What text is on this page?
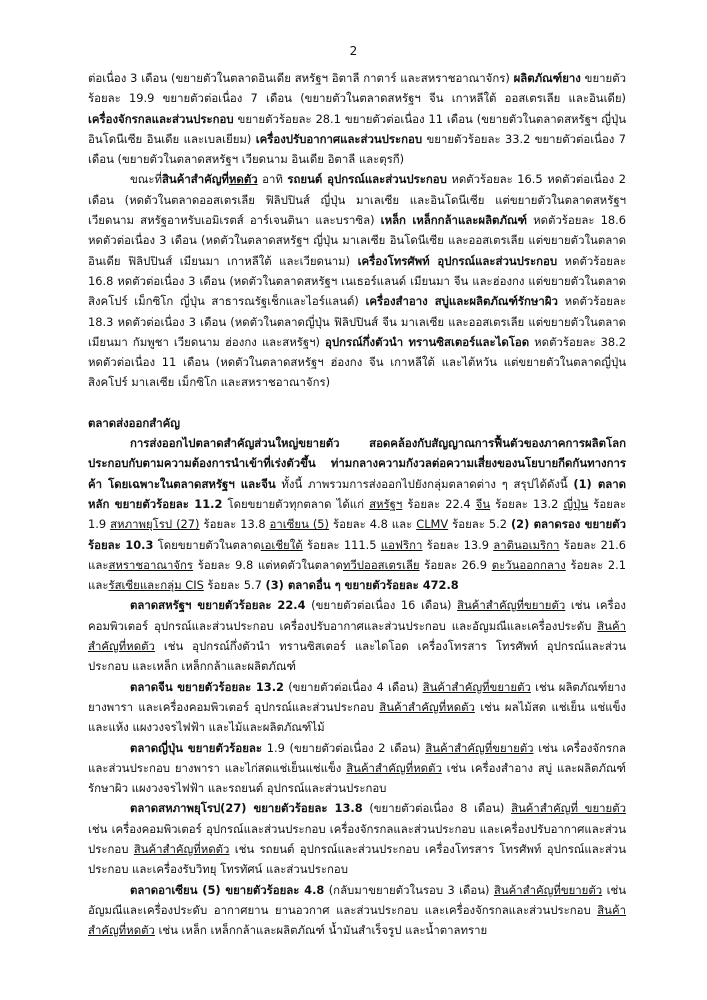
2

ต่อเนื่อง 3 เดือน (ขยายตัวในตลาดอินเดีย สหรัฐฯ อิตาลี กาตาร์ และสหราชอาณาจักร) ผลิตภัณฑ์ยาง ขยายตัวร้อยละ 19.9 ขยายตัวต่อเนื่อง 7 เดือน (ขยายตัวในตลาดสหรัฐฯ จีน เกาหลีใต้ ออสเตรเลีย และอินเดีย) เครื่องจักรกลและส่วนประกอบ ขยายตัวร้อยละ 28.1 ขยายตัวต่อเนื่อง 11 เดือน (ขยายตัวในตลาดสหรัฐฯ ญี่ปุ่น อินโดนีเซีย อินเดีย และเบลเยียม) เครื่องปรับอากาศและส่วนประกอบ ขยายตัวร้อยละ 33.2 ขยายตัวต่อเนื่อง 7 เดือน (ขยายตัวในตลาดสหรัฐฯ เวียดนาม อินเดีย อิตาลี และตุรกี)

ขณะที่สินค้าสำคัญที่หดตัว อาทิ รถยนต์ อุปกรณ์และส่วนประกอบ หดตัวร้อยละ 16.5 หดตัวต่อเนื่อง 2 เดือน (หดตัวในตลาดออสเตรเลีย ฟิลิปปินส์ ญี่ปุ่น มาเลเซีย และอินโดนีเซีย แต่ขยายตัวในตลาดสหรัฐฯ เวียดนาม สหรัฐอาหรับเอมิเรตส์ อาร์เจนตินา และบราซิล) เหล็ก เหล็กกล้าและผลิตภัณฑ์ หดตัวร้อยละ 18.6 หดตัวต่อเนื่อง 3 เดือน (หดตัวในตลาดสหรัฐฯ ญี่ปุ่น มาเลเซีย อินโดนีเซีย และออสเตรเลีย แต่ขยายตัวในตลาดอินเดีย ฟิลิปปินส์ เมียนมา เกาหลีใต้ และเวียดนาม) เครื่องโทรศัพท์ อุปกรณ์และส่วนประกอบ หดตัวร้อยละ 16.8 หดตัวต่อเนื่อง 3 เดือน (หดตัวในตลาดสหรัฐฯ เนเธอร์แลนด์ เมียนมา จีน และฮ่องกง แต่ขยายตัวในตลาดสิงคโปร์ เม็กซิโก ญี่ปุ่น สาธารณรัฐเช็กและไอร์แลนด์) เครื่องสำอาง สบู่และผลิตภัณฑ์รักษาผิว หดตัวร้อยละ 18.3 หดตัวต่อเนื่อง 3 เดือน (หดตัวในตลาดญี่ปุ่น ฟิลิปปินส์ จีน มาเลเซีย และออสเตรเลีย แต่ขยายตัวในตลาดเมียนมา กัมพูชา เวียดนาม ฮ่องกง และสหรัฐฯ) อุปกรณ์กึ่งตัวนำ ทรานซิสเตอร์และไดโอด หดตัวร้อยละ 38.2 หดตัวต่อเนื่อง 11 เดือน (หดตัวในตลาดสหรัฐฯ ฮ่องกง จีน เกาหลีใต้ และไต้หวัน แต่ขยายตัวในตลาดญี่ปุ่น สิงคโปร์ มาเลเซีย เม็กซิโก และสหราชอาณาจักร)

ตลาดส่งออกสำคัญ

การส่งออกไปตลาดสำคัญส่วนใหญ่ขยายตัว สอดคล้องกับสัญญาณการฟื้นตัวของภาคการผลิตโลก ประกอบกับตามความต้องการนำเข้าที่เร่งตัวขึ้น ท่ามกลางความกังวลต่อความเสี่ยงของนโยบายกีดกันทางการค้า โดยเฉพาะในตลาดสหรัฐฯ และจีน ทั้งนี้ ภาพรวมการส่งออกไปยังกลุ่มตลาดต่าง ๆ สรุปได้ดังนี้ (1) ตลาดหลัก ขยายตัวร้อยละ 11.2 โดยขยายตัวทุกตลาด ได้แก่ สหรัฐฯ ร้อยละ 22.4 จีน ร้อยละ 13.2 ญี่ปุ่น ร้อยละ 1.9 สหภาพยุโรป (27) ร้อยละ 13.8 อาเซียน (5) ร้อยละ 4.8 และ CLMV ร้อยละ 5.2 (2) ตลาดรอง ขยายตัวร้อยละ 10.3 โดยขยายตัวในตลาดเอเชียใต้ ร้อยละ 111.5 แอฟริกา ร้อยละ 13.9 ลาตินอเมริกา ร้อยละ 21.6 และสหราชอาณาจักร ร้อยละ 9.8 แต่หดตัวในตลาดทวีปออสเตรเลีย ร้อยละ 26.9 ตะวันออกกลาง ร้อยละ 2.1 และรัสเซียและกลุ่ม CIS ร้อยละ 5.7 (3) ตลาดอื่น ๆ ขยายตัวร้อยละ 472.8

ตลาดสหรัฐฯ ขยายตัวร้อยละ 22.4 (ขยายตัวต่อเนื่อง 16 เดือน) สินค้าสำคัญที่ขยายตัว เช่น เครื่องคอมพิวเตอร์ อุปกรณ์และส่วนประกอบ เครื่องปรับอากาศและส่วนประกอบ และอัญมณีและเครื่องประดับ สินค้าสำคัญที่หดตัว เช่น อุปกรณ์กึ่งตัวนำ ทรานซิสเตอร์ และไดโอด เครื่องโทรสาร โทรศัพท์ อุปกรณ์และส่วนประกอบ และเหล็ก เหล็กกล้าและผลิตภัณฑ์

ตลาดจีน ขยายตัวร้อยละ 13.2 (ขยายตัวต่อเนื่อง 4 เดือน) สินค้าสำคัญที่ขยายตัว เช่น ผลิตภัณฑ์ยาง ยางพารา และเครื่องคอมพิวเตอร์ อุปกรณ์และส่วนประกอบ สินค้าสำคัญที่หดตัว เช่น ผลไม้สด แช่เย็น แช่แข็งและแห้ง แผงวงจรไฟฟ้า และไม้และผลิตภัณฑ์ไม้

ตลาดญี่ปุ่น ขยายตัวร้อยละ 1.9 (ขยายตัวต่อเนื่อง 2 เดือน) สินค้าสำคัญที่ขยายตัว เช่น เครื่องจักรกลและส่วนประกอบ ยางพารา และไก่สดแช่เย็นแช่แข็ง สินค้าสำคัญที่หดตัว เช่น เครื่องสำอาง สบู่ และผลิตภัณฑ์รักษาผิว แผงวงจรไฟฟ้า และรถยนต์ อุปกรณ์และส่วนประกอบ

ตลาดสหภาพยุโรป(27) ขยายตัวร้อยละ 13.8 (ขยายตัวต่อเนื่อง 8 เดือน) สินค้าสำคัญที่ ขยายตัว เช่น เครื่องคอมพิวเตอร์ อุปกรณ์และส่วนประกอบ เครื่องจักรกลและส่วนประกอบ และเครื่องปรับอากาศและส่วนประกอบ สินค้าสำคัญที่หดตัว เช่น รถยนต์ อุปกรณ์และส่วนประกอบ เครื่องโทรสาร โทรศัพท์ อุปกรณ์และส่วนประกอบ และเครื่องรับวิทยุ โทรทัศน์ และส่วนประกอบ

ตลาดอาเซียน (5) ขยายตัวร้อยละ 4.8 (กลับมาขยายตัวในรอบ 3 เดือน) สินค้าสำคัญที่ขยายตัว เช่น อัญมณีและเครื่องประดับ อากาศยาน ยานอวกาศ และส่วนประกอบ และเครื่องจักรกลและส่วนประกอบ สินค้าสำคัญที่หดตัว เช่น เหล็ก เหล็กกล้าและผลิตภัณฑ์ น้ำมันสำเร็จรูป และน้ำตาลทราย
